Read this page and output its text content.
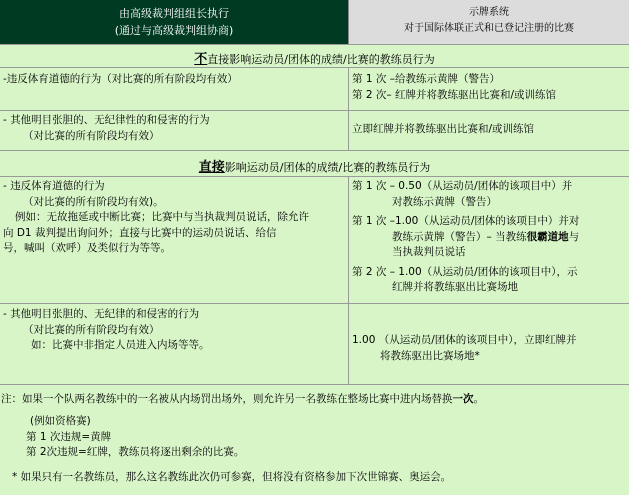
由高级裁判组组长执行
(通过与高级裁判组协商)
示牌系统
对于国际体联正式和已登记注册的比赛
不直接影响运动员/团体的成绩/比赛的教练员行为
-违反体育道德的行为（对比赛的所有阶段均有效）	第 1 次 –给教练示黄牌（警告）
第 2 次– 红牌并将教练驱出比赛和/或训练馆
- 其他明目张胆的、无纪律性的和侵害的行为
（对比赛的所有阶段均有效）
立即红牌并将教练驱出比赛和/或训练馆
直接影响运动员/团体的成绩/比赛的教练员行为
- 违反体育道德的行为
（对比赛的所有阶段均有效)。
例如：无故拖延或中断比赛；比赛中与当执裁判员说话，除允许
向 D1 裁判提出询问外；直接与比赛中的运动员说话、给信
号，喊叫（欢呼）及类似行为等等。
第 1 次 – 0.50（从运动员/团体的该项目中）并
对教练示黄牌（警告）
第 1 次 –1.00（从运动员/团体的该项目中）并对
教练示黄牌（警告）– 当教练很霸道地与
当执裁判员说话
第 2 次 – 1.00（从运动员/团体的该项目中），示
红牌并将教练驱出比赛场地
- 其他明目张胆的、无纪律的和侵害的行为
（对比赛的所有阶段均有效）
如：比赛中非指定人员进入内场等等。	1.00 （从运动员/团体的该项目中），立即红牌并
将教练驱出比赛场地*
注：如果一个队两名教练中的一名被从内场罚出场外，则允许另一名教练在整场比赛中进内场替换一次。
(例如资格赛)
第 1 次违规=黄牌
第 2次违规=红牌，教练员将逐出剩余的比赛。
* 如果只有一名教练员，那么这名教练此次仍可参赛，但将没有资格参加下次世锦赛、奥运会。
